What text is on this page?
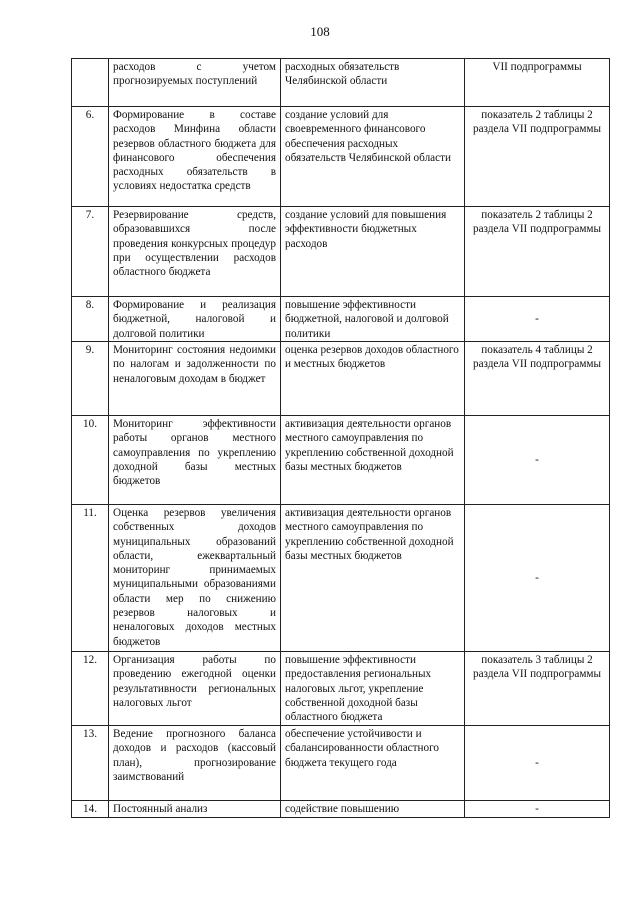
108
	расходов с учетом прогнозируемых поступлений	расходных обязательств Челябинской области	VII подпрограммы
6.	Формирование в составе расходов Минфина области резервов областного бюджета для финансового обеспечения расходных обязательств в условиях недостатка средств	создание условий для своевременного финансового обеспечения расходных обязательств Челябинской области	показатель 2 таблицы 2 раздела VII подпрограммы
7.	Резервирование средств, образовавшихся после проведения конкурсных процедур при осуществлении расходов областного бюджета	создание условий для повышения эффективности бюджетных расходов	показатель 2 таблицы 2 раздела VII подпрограммы
8.	Формирование и реализация бюджетной, налоговой и долговой политики	повышение эффективности бюджетной, налоговой и долговой политики	-
9.	Мониторинг состояния недоимки по налогам и задолженности по неналоговым доходам в бюджет	оценка резервов доходов областного и местных бюджетов	показатель 4 таблицы 2 раздела VII подпрограммы
10.	Мониторинг эффективности работы органов местного самоуправления по укреплению доходной базы местных бюджетов	активизация деятельности органов местного самоуправления по укреплению собственной доходной базы местных бюджетов	-
11.	Оценка резервов увеличения собственных доходов муниципальных образований области, ежеквартальный мониторинг принимаемых муниципальными образованиями области мер по снижению резервов налоговых и неналоговых доходов местных бюджетов	активизация деятельности органов местного самоуправления по укреплению собственной доходной базы местных бюджетов	-
12.	Организация работы по проведению ежегодной оценки результативности региональных налоговых льгот	повышение эффективности предоставления региональных налоговых льгот, укрепление собственной доходной базы областного бюджета	показатель 3 таблицы 2 раздела VII подпрограммы
13.	Ведение прогнозного баланса доходов и расходов (кассовый план), прогнозирование заимствований	обеспечение устойчивости и сбалансированности областного бюджета текущего года	-
14.	Постоянный анализ	содействие повышению	-
